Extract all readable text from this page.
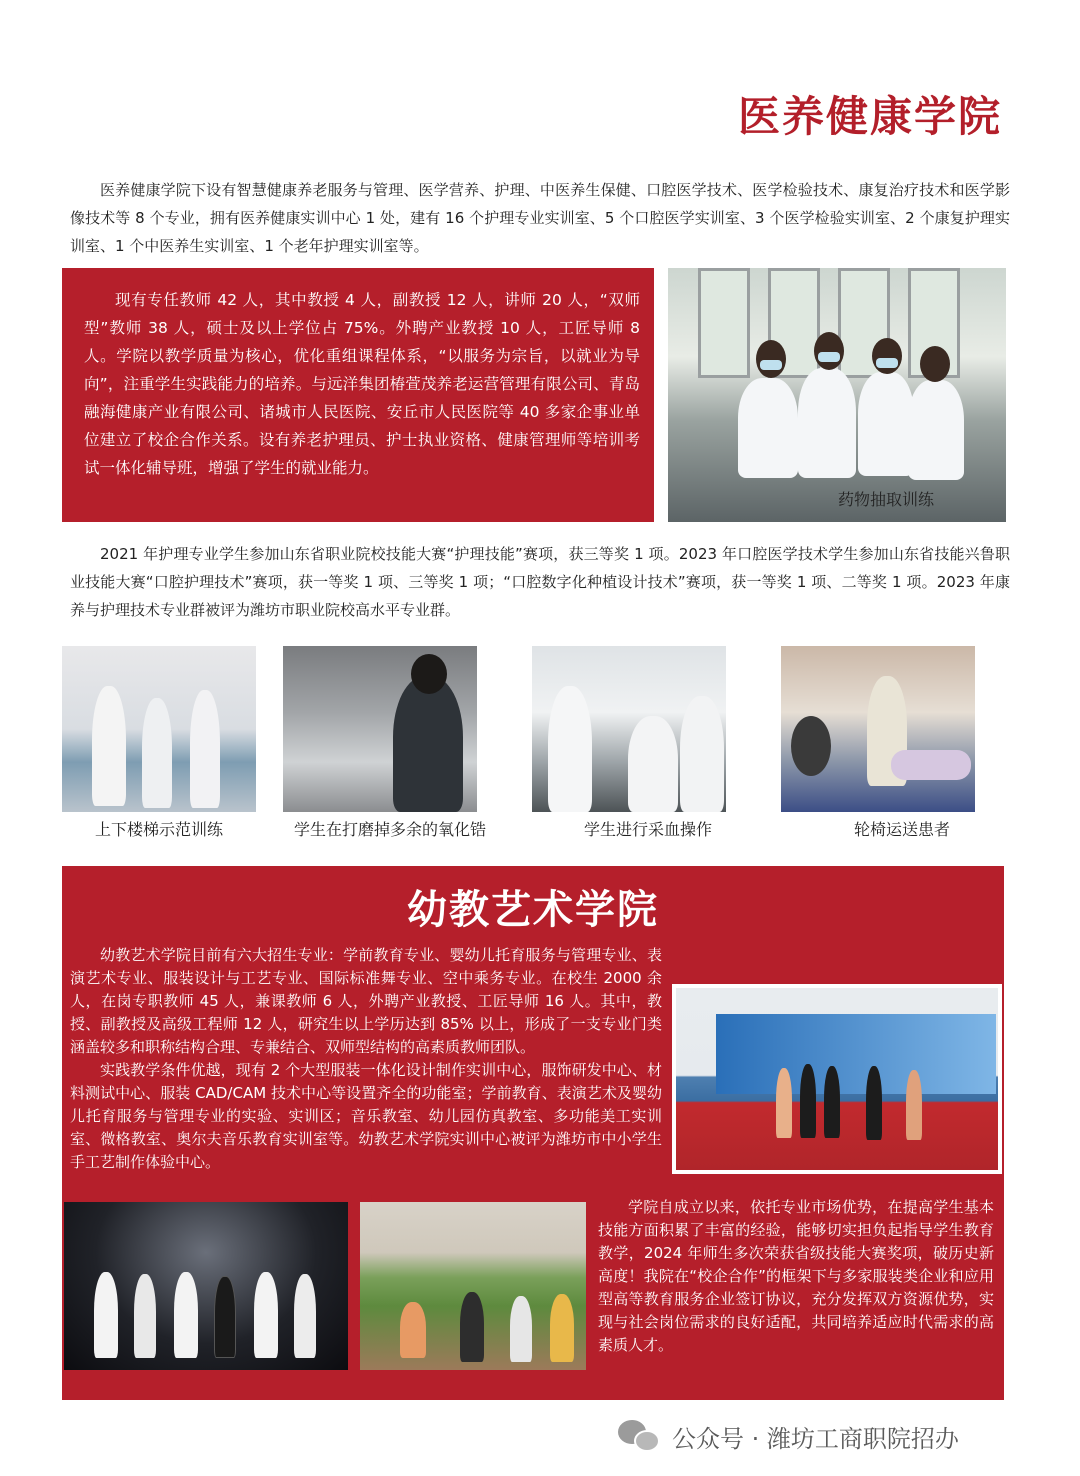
医养健康学院

医养健康学院下设有智慧健康养老服务与管理、医学营养、护理、中医养生保健、口腔医学技术、医学检验技术、康复治疗技术和医学影像技术等 8 个专业，拥有医养健康实训中心 1 处，建有 16 个护理专业实训室、5 个口腔医学实训室、3 个医学检验实训室、2 个康复护理实训室、1 个中医养生实训室、1 个老年护理实训室等。

现有专任教师 42 人，其中教授 4 人，副教授 12 人，讲师 20 人，“双师型”教师 38 人，硕士及以上学位占 75%。外聘产业教授 10 人，工匠导师 8 人。学院以教学质量为核心，优化重组课程体系，“以服务为宗旨，以就业为导向”，注重学生实践能力的培养。与远洋集团椿萱茂养老运营管理有限公司、青岛融海健康产业有限公司、诸城市人民医院、安丘市人民医院等 40 多家企事业单位建立了校企合作关系。设有养老护理员、护士执业资格、健康管理师等培训考试一体化辅导班，增强了学生的就业能力。

药物抽取训练

2021 年护理专业学生参加山东省职业院校技能大赛“护理技能”赛项，获三等奖 1 项。2023 年口腔医学技术学生参加山东省技能兴鲁职业技能大赛“口腔护理技术”赛项，获一等奖 1 项、三等奖 1 项；“口腔数字化种植设计技术”赛项，获一等奖 1 项、二等奖 1 项。2023 年康养与护理技术专业群被评为潍坊市职业院校高水平专业群。

上下楼梯示范训练	学生在打磨掉多余的氧化锆	学生进行采血操作	轮椅运送患者
幼教艺术学院

幼教艺术学院目前有六大招生专业：学前教育专业、婴幼儿托育服务与管理专业、表演艺术专业、服装设计与工艺专业、国际标准舞专业、空中乘务专业。在校生 2000 余人，在岗专职教师 45 人，兼课教师 6 人，外聘产业教授、工匠导师 16 人。其中，教授、副教授及高级工程师 12 人，研究生以上学历达到 85% 以上，形成了一支专业门类涵盖较多和职称结构合理、专兼结合、双师型结构的高素质教师团队。

实践教学条件优越，现有 2 个大型服装一体化设计制作实训中心，服饰研发中心、材料测试中心、服装 CAD/CAM 技术中心等设置齐全的功能室；学前教育、表演艺术及婴幼儿托育服务与管理专业的实验、实训区；音乐教室、幼儿园仿真教室、多功能美工实训室、微格教室、奥尔夫音乐教育实训室等。幼教艺术学院实训中心被评为潍坊市中小学生手工艺制作体验中心。

学院自成立以来，依托专业市场优势，在提高学生基本技能方面积累了丰富的经验，能够切实担负起指导学生教育教学，2024 年师生多次荣获省级技能大赛奖项，破历史新高度！我院在“校企合作”的框架下与多家服装类企业和应用型高等教育服务企业签订协议，充分发挥双方资源优势，实现与社会岗位需求的良好适配，共同培养适应时代需求的高素质人才。

公众号 · 潍坊工商职院招办
